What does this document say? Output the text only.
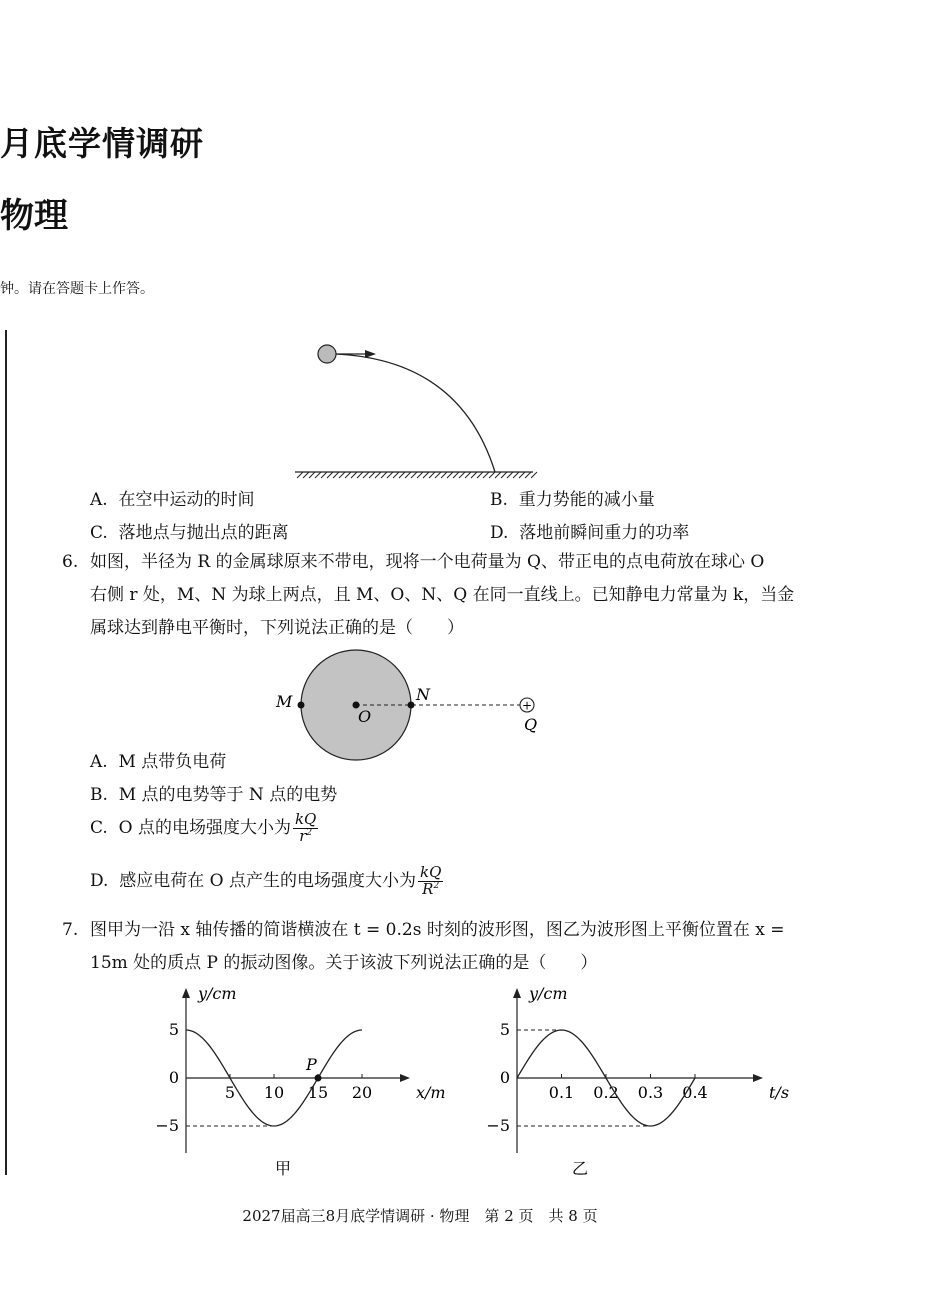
月底学情调研
物理
钟。请在答题卡上作答。
A. 在空中运动的时间	B. 重力势能的减小量
C. 落地点与抛出点的距离	D. 落地前瞬间重力的功率
6. 如图，半径为 R 的金属球原来不带电，现将一个电荷量为 Q、带正电的点电荷放在球心 O
右侧 r 处，M、N 为球上两点，且 M、O、N、Q 在同一直线上。已知静电力常量为 k，当金
属球达到静电平衡时，下列说法正确的是（　　）
+
M
O
N
Q
A. M 点带负电荷
B. M 点的电势等于 N 点的电势
C. O 点的电场强度大小为 $\frac{kQ}{r^2}$
D. 感应电荷在 O 点产生的电场强度大小为 $\frac{kQ}{R^2}$
7. 图甲为一沿 x 轴传播的简谐横波在 t = 0.2s 时刻的波形图，图乙为波形图上平衡位置在 x =
15m 处的质点 P 的振动图像。关于该波下列说法正确的是（　　）
y/cm
x/m
5
0
−5
5 10 15 20
P
甲
y/cm
t/s
5
0
−5
0.1 0.2 0.3 0.4
乙
2027届高三8月底学情调研 · 物理　第 2 页　共 8 页
